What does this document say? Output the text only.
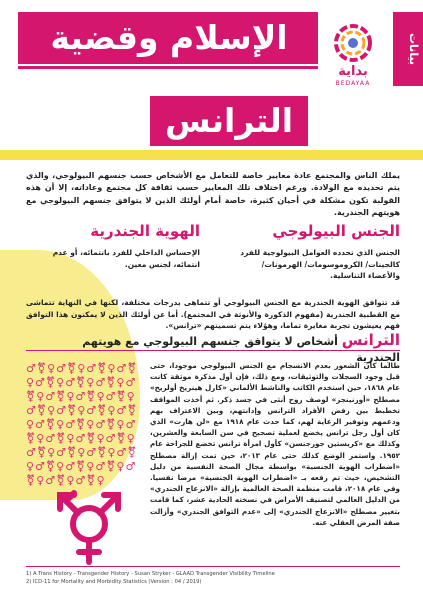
الإسلام وقضية
الترانس
بداية
BEDAYAA
بيانات
يملك الناس والمجتمع عادة معايير خاصة للتعامل مع الأشخاص حسب جنسهم البيولوجي، والذي يتم تحديده مع الولادة. ورغم اختلاف تلك المعايير حسب ثقافة كل مجتمع وعاداته، إلا أن هذه القولبة تكون مشكلة في أحيان كثيرة، خاصة أمام أولئك الذين لا يتوافق جنسهم البيولوجي مع هويتهم الجندرية.
الجنس البيولوجي
الجنس الذي تحدده العوامل البيولوجية للفرد كالجينات/ الكروموسومات/ الهرمونات/ والأعضاء التناسلية.
الهوية الجندرية
الإحساس الداخلي للفرد بانتمائه، أو عدم انتمائه، لجنس معين.
قد تتوافق الهوية الجندرية مع الجنس البيولوجي أو تتماهى بدرجات مختلفة، لكنها في النهاية تتماشى مع القطبية الجندرية (مفهوم الذكورة والأنوثة في المجتمع). أما عن أولئك الذين لا يمكنون هذا التوافق فهم يعيشون تجربة مغايرة تماما، وهؤلاء يتم تسميتهم «ترانس».
الترانس أشخاص لا يتوافق جنسهم البيولوجي مع هويتهم الجندرية
♂⚧♀♂⚧♀♂⚧♀♂⚧♀♂⚧♀♂⚧♀♂⚧♀♂⚧♀♂⚧♀♂⚧♀♂⚧♀♂⚧♀♂⚧♀♂⚧♀♂⚧♀♂⚧♀♂⚧♀♂⚧♀♂⚧♀♂⚧♀♂⚧♀♂⚧♀♂⚧♀♂⚧♀♂⚧♀♂⚧♀♂⚧♀♂⚧♀♂⚧♀♂⚧♀♂⚧♀♂⚧♀
طالما كان الشعور بعدم الانسجام مع الجنس البيولوجي موجودا، حتى قبل وجود السجلات والتوثيقات، ومع ذلك، فإن أول مذكرة موثقة كانت عام ١٨٦٨، حين استخدم الكاتب والناشط الألماني «كارل هينريخ أولريخ» مصطلح «أورنينجز» لوصف روح أنثى في جسد ذكر. ثم أخذت المواقف تخطبط بين رفض الأفراد الترانس وإدانتهم، وبين الاعتراف بهم ودعمهم وتوفير الرعاية لهم، كما حدث عام ١٩١٨ مع «لن هارت» الذي كان أول رجل ترانس يخضع لعملية تصحيح في سن السابعة والعشرين، وكذلك مع «كريستين جورجنسن» كأول امرأة ترانس تخضع للجراحة عام ١٩٥٢. واستمر الوضع كذلك حتى عام ٢٠١٣، حين تمت إزالة مصطلح «اضطراب الهوية الجنسية» بواسطة مجال الصحة النفسية من دليل التشخيص، حيث تم رفعه بـ «اضطراب الهوية الجنسية» مرضا نفسيا. وفي عام ٢٠١٨، قامت منظمة الصحة العالمية بإزالة «الانزعاج الجندري» من الدليل العالمي لتصنيف الأمراض في نسخته الحادية عشر، كما قامت بتغيير مصطلح «الانزعاج الجندري» إلى «عدم التوافق الجندري» وأزالت صفة المرض العقلي عنه.
1) A Trans History - Transgender History - Susan Stryker - GLAAD Transgender Visibility Timeline
2) ICD-11 for Mortality and Morbidity Statistics (Version : 04 / 2019)
